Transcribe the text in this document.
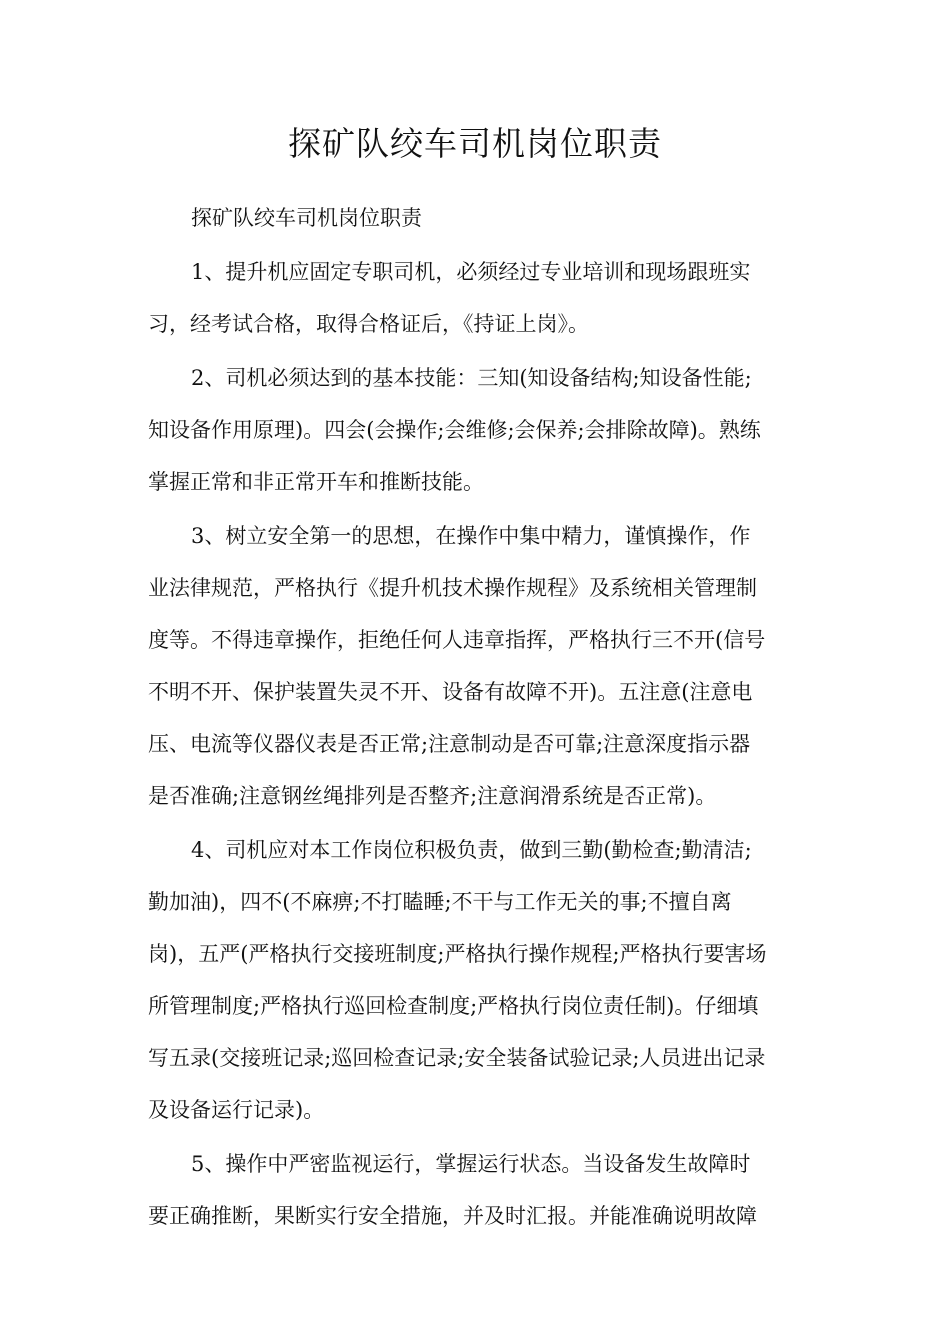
探矿队绞车司机岗位职责

探矿队绞车司机岗位职责

1、提升机应固定专职司机，必须经过专业培训和现场跟班实
习，经考试合格，取得合格证后，《持证上岗》。

2、司机必须达到的基本技能：三知(知设备结构;知设备性能;
知设备作用原理)。四会(会操作;会维修;会保养;会排除故障)。熟练
掌握正常和非正常开车和推断技能。

3、树立安全第一的思想，在操作中集中精力，谨慎操作，作
业法律规范，严格执行《提升机技术操作规程》及系统相关管理制
度等。不得违章操作，拒绝任何人违章指挥，严格执行三不开(信号
不明不开、保护装置失灵不开、设备有故障不开)。五注意(注意电
压、电流等仪器仪表是否正常;注意制动是否可靠;注意深度指示器
是否准确;注意钢丝绳排列是否整齐;注意润滑系统是否正常)。

4、司机应对本工作岗位积极负责，做到三勤(勤检查;勤清洁;
勤加油)，四不(不麻痹;不打瞌睡;不干与工作无关的事;不擅自离
岗)，五严(严格执行交接班制度;严格执行操作规程;严格执行要害场
所管理制度;严格执行巡回检查制度;严格执行岗位责任制)。仔细填
写五录(交接班记录;巡回检查记录;安全装备试验记录;人员进出记录
及设备运行记录)。

5、操作中严密监视运行，掌握运行状态。当设备发生故障时
要正确推断，果断实行安全措施，并及时汇报。并能准确说明故障
